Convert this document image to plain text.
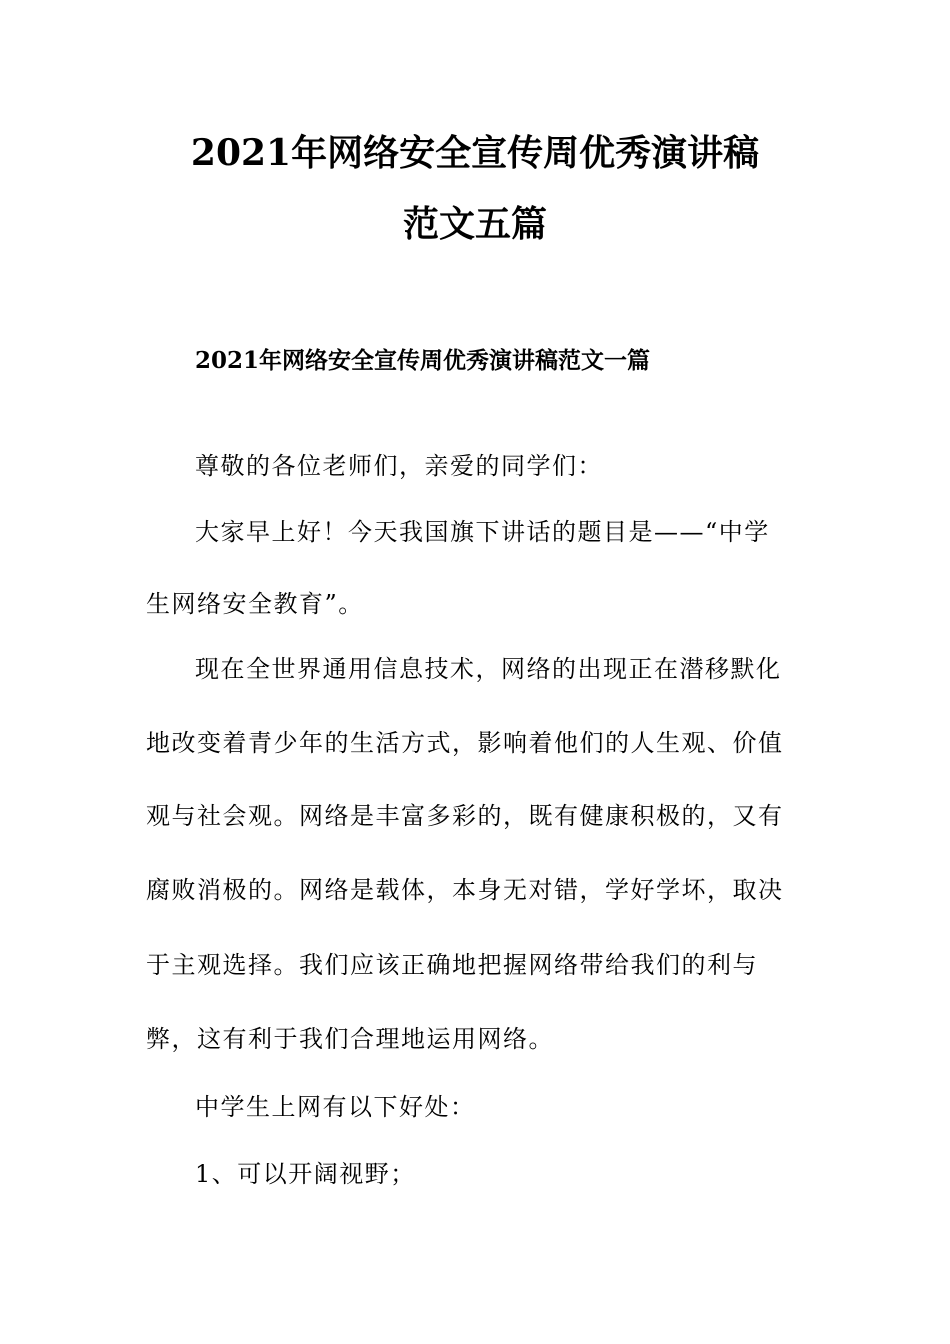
2021年网络安全宣传周优秀演讲稿
范文五篇
2021年网络安全宣传周优秀演讲稿范文一篇
尊敬的各位老师们，亲爱的同学们：
大家早上好！今天我国旗下讲话的题目是——“中学
生网络安全教育”。
现在全世界通用信息技术，网络的出现正在潜移默化
地改变着青少年的生活方式，影响着他们的人生观、价值
观与社会观。网络是丰富多彩的，既有健康积极的，又有
腐败消极的。网络是载体，本身无对错，学好学坏，取决
于主观选择。我们应该正确地把握网络带给我们的利与
弊，这有利于我们合理地运用网络。
中学生上网有以下好处：
1、可以开阔视野；
